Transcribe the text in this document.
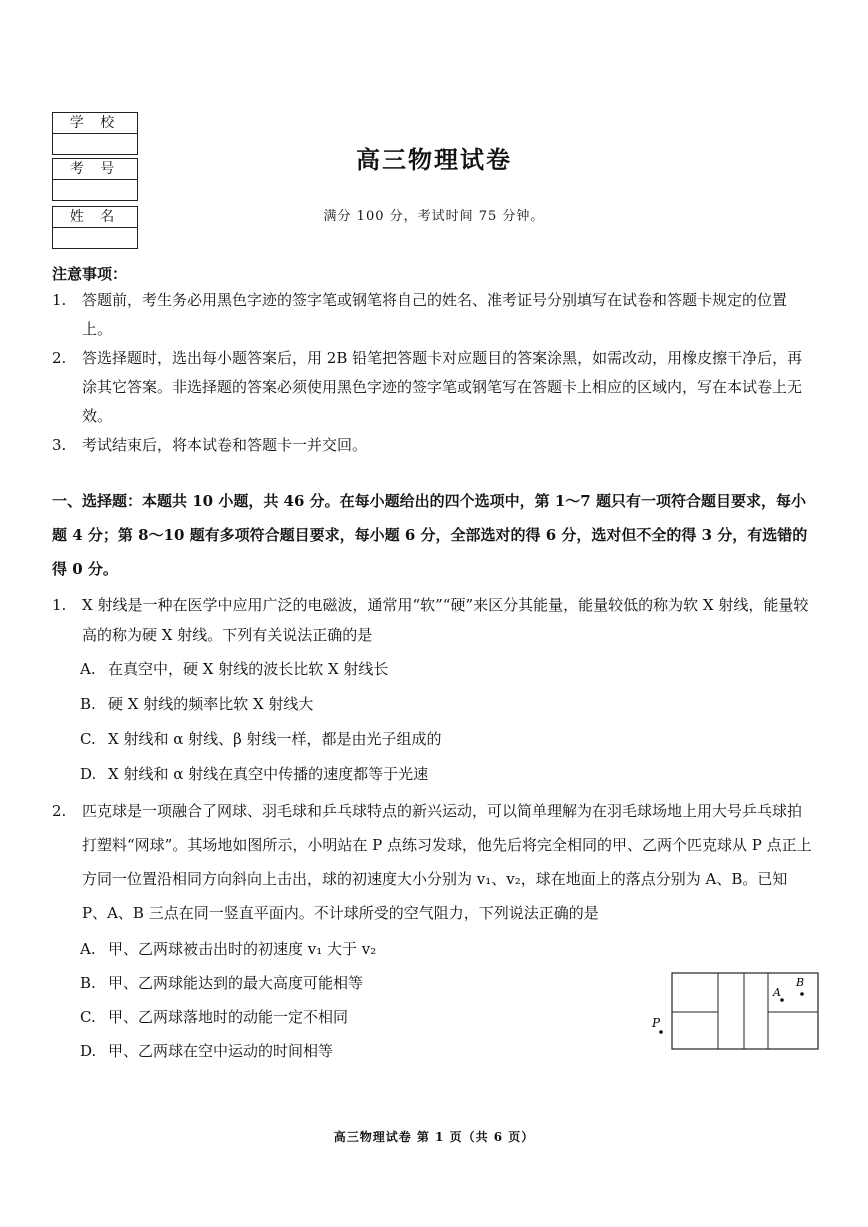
学 校
考 号
姓 名
高三物理试卷
满分 100 分，考试时间 75 分钟。
注意事项：
1. 答题前，考生务必用黑色字迹的签字笔或钢笔将自己的姓名、准考证号分别填写在试卷和答题卡规定的位置上。
2. 答选择题时，选出每小题答案后，用 2B 铅笔把答题卡对应题目的答案涂黑，如需改动，用橡皮擦干净后，再涂其它答案。非选择题的答案必须使用黑色字迹的签字笔或钢笔写在答题卡上相应的区域内，写在本试卷上无效。
3. 考试结束后，将本试卷和答题卡一并交回。
一、选择题：本题共 10 小题，共 46 分。在每小题给出的四个选项中，第 1～7 题只有一项符合题目要求，每小题 4 分；第 8～10 题有多项符合题目要求，每小题 6 分，全部选对的得 6 分，选对但不全的得 3 分，有选错的得 0 分。
1. X 射线是一种在医学中应用广泛的电磁波，通常用“软”“硬”来区分其能量，能量较低的称为软 X 射线，能量较高的称为硬 X 射线。下列有关说法正确的是
A. 在真空中，硬 X 射线的波长比软 X 射线长
B. 硬 X 射线的频率比软 X 射线大
C. X 射线和 α 射线、β 射线一样，都是由光子组成的
D. X 射线和 α 射线在真空中传播的速度都等于光速
2. 匹克球是一项融合了网球、羽毛球和乒乓球特点的新兴运动，可以简单理解为在羽毛球场地上用大号乒乓球拍打塑料“网球”。其场地如图所示，小明站在 P 点练习发球，他先后将完全相同的甲、乙两个匹克球从 P 点正上方同一位置沿相同方向斜向上击出，球的初速度大小分别为 v₁、v₂，球在地面上的落点分别为 A、B。已知 P、A、B 三点在同一竖直平面内。不计球所受的空气阻力，下列说法正确的是
A. 甲、乙两球被击出时的初速度 v₁ 大于 v₂
B. 甲、乙两球能达到的最大高度可能相等
C. 甲、乙两球落地时的动能一定不相同
D. 甲、乙两球在空中运动的时间相等
P
A
B
高三物理试卷 第 1 页（共 6 页）
